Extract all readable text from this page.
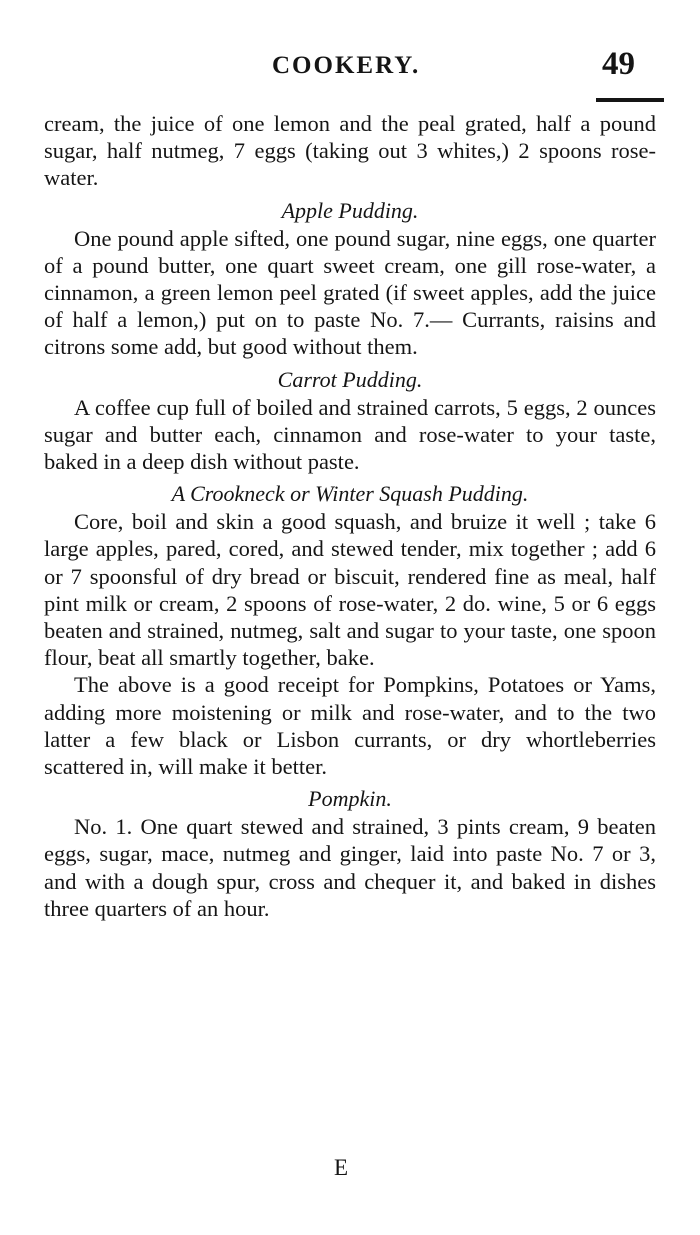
COOKERY.	49

cream, the juice of one lemon and the peal grated, half a pound sugar, half nutmeg, 7 eggs (taking out 3 whites,) 2 spoons rose-water.

Apple Pudding.

One pound apple sifted, one pound sugar, nine eggs, one quarter of a pound butter, one quart sweet cream, one gill rose-water, a cinnamon, a green lemon peel grated (if sweet apples, add the juice of half a lemon,) put on to paste No. 7.— Currants, raisins and citrons some add, but good without them.

Carrot Pudding.

A coffee cup full of boiled and strained carrots, 5 eggs, 2 ounces sugar and butter each, cinnamon and rose-water to your taste, baked in a deep dish without paste.

A Crookneck or Winter Squash Pudding.

Core, boil and skin a good squash, and bruize it well ; take 6 large apples, pared, cored, and stewed tender, mix together ; add 6 or 7 spoonsful of dry bread or biscuit, rendered fine as meal, half pint milk or cream, 2 spoons of rose-water, 2 do. wine, 5 or 6 eggs beaten and strained, nutmeg, salt and sugar to your taste, one spoon flour, beat all smartly together, bake.

The above is a good receipt for Pompkins, Potatoes or Yams, adding more moistening or milk and rose-water, and to the two latter a few black or Lisbon currants, or dry whortleberries scattered in, will make it better.

Pompkin.

No. 1. One quart stewed and strained, 3 pints cream, 9 beaten eggs, sugar, mace, nutmeg and ginger, laid into paste No. 7 or 3, and with a dough spur, cross and chequer it, and baked in dishes three quarters of an hour.

E
